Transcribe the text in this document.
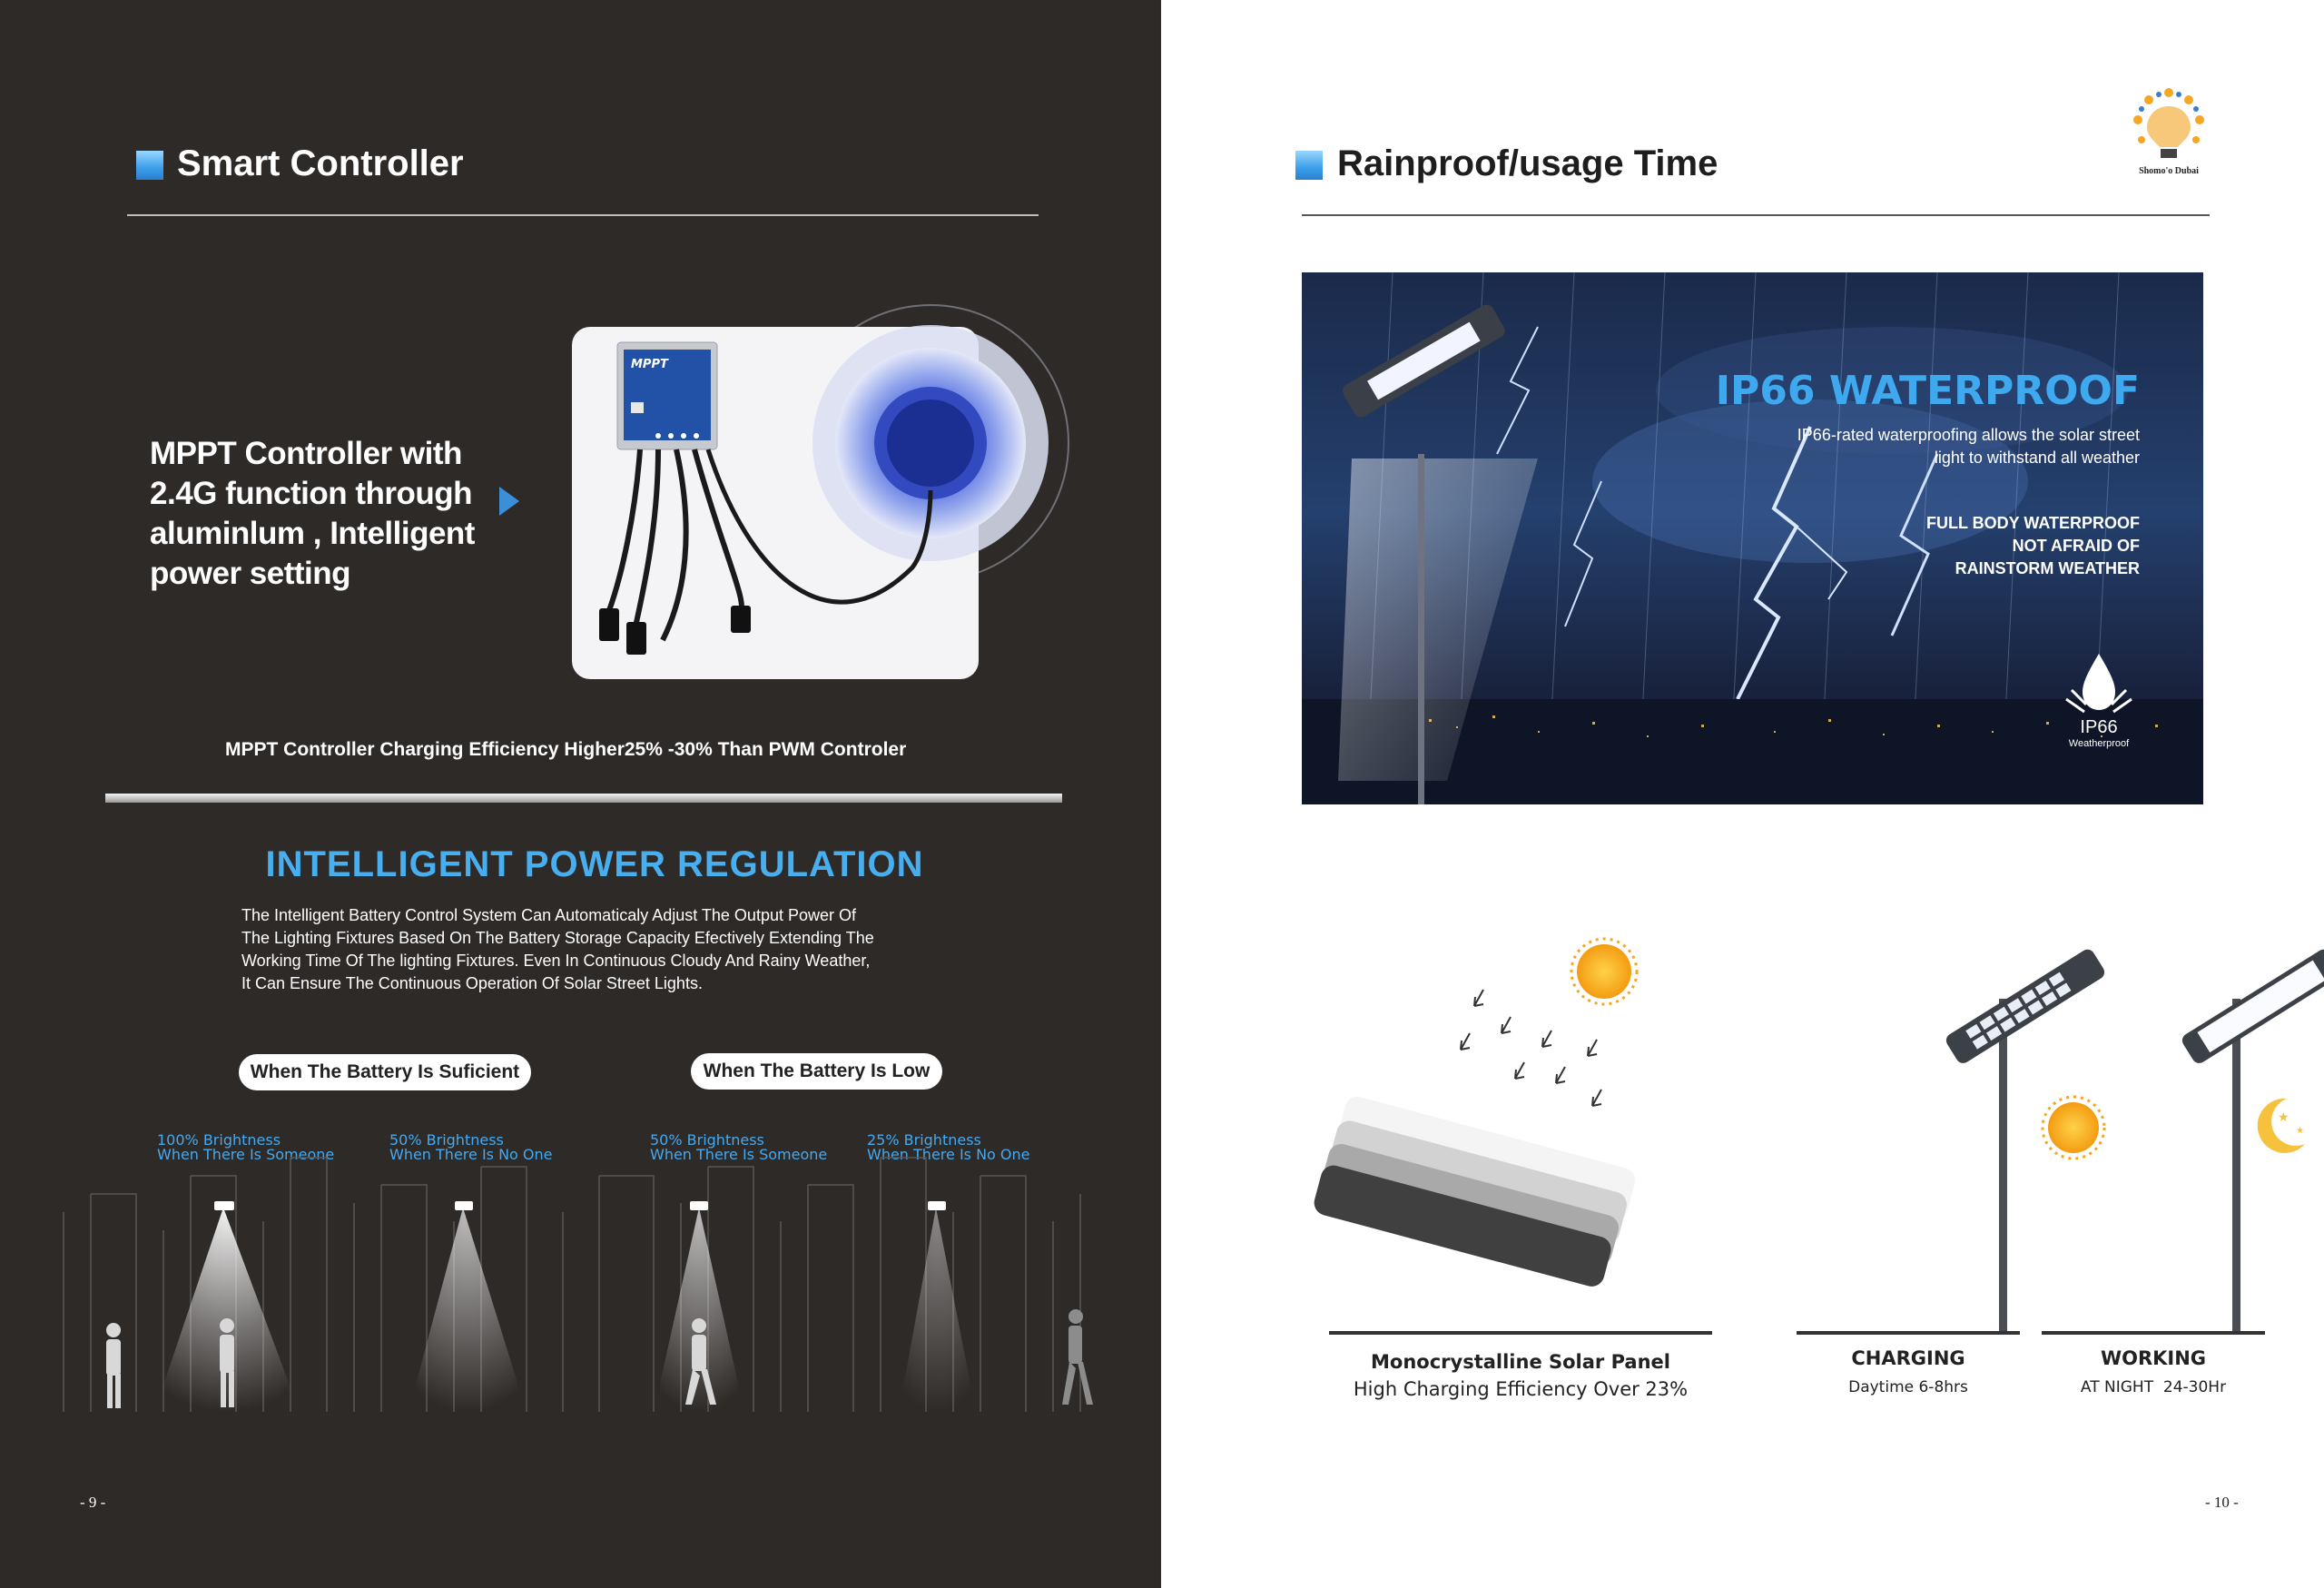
Smart Controller
MPPT Controller with
2.4G function through
aluminlum , Intelligent
power setting
MPPT
MPPT Controller Charging Efficiency Higher25% -30% Than PWM Controler
INTELLIGENT POWER REGULATION
The Intelligent Battery Control System Can Automaticaly Adjust The Output Power Of
The Lighting Fixtures Based On The Battery Storage Capacity Efectively Extending The
Working Time Of The lighting Fixtures. Even In Continuous Cloudy And Rainy Weather,
It Can Ensure The Continuous Operation Of Solar Street Lights.
When The Battery Is Suficient	When The Battery Is Low
100% Brightness
When There Is Someone
50% Brightness
When There Is No One
50% Brightness
When There Is Someone
25% Brightness
When There Is No One
- 9 -
Rainproof/usage Time	Shomo'o Dubai
IP66 WATERPROOF
IP66-rated waterproofing allows the solar street
light to withstand all weather
FULL BODY WATERPROOF
NOT AFRAID OF
RAINSTORM WEATHER
IP66
Weatherproof
Monocrystalline Solar Panel
High Charging Efficiency Over 23%
★
★
CHARGING
Daytime 6-8hrs
WORKING
AT NIGHT  24-30Hr
- 10 -
